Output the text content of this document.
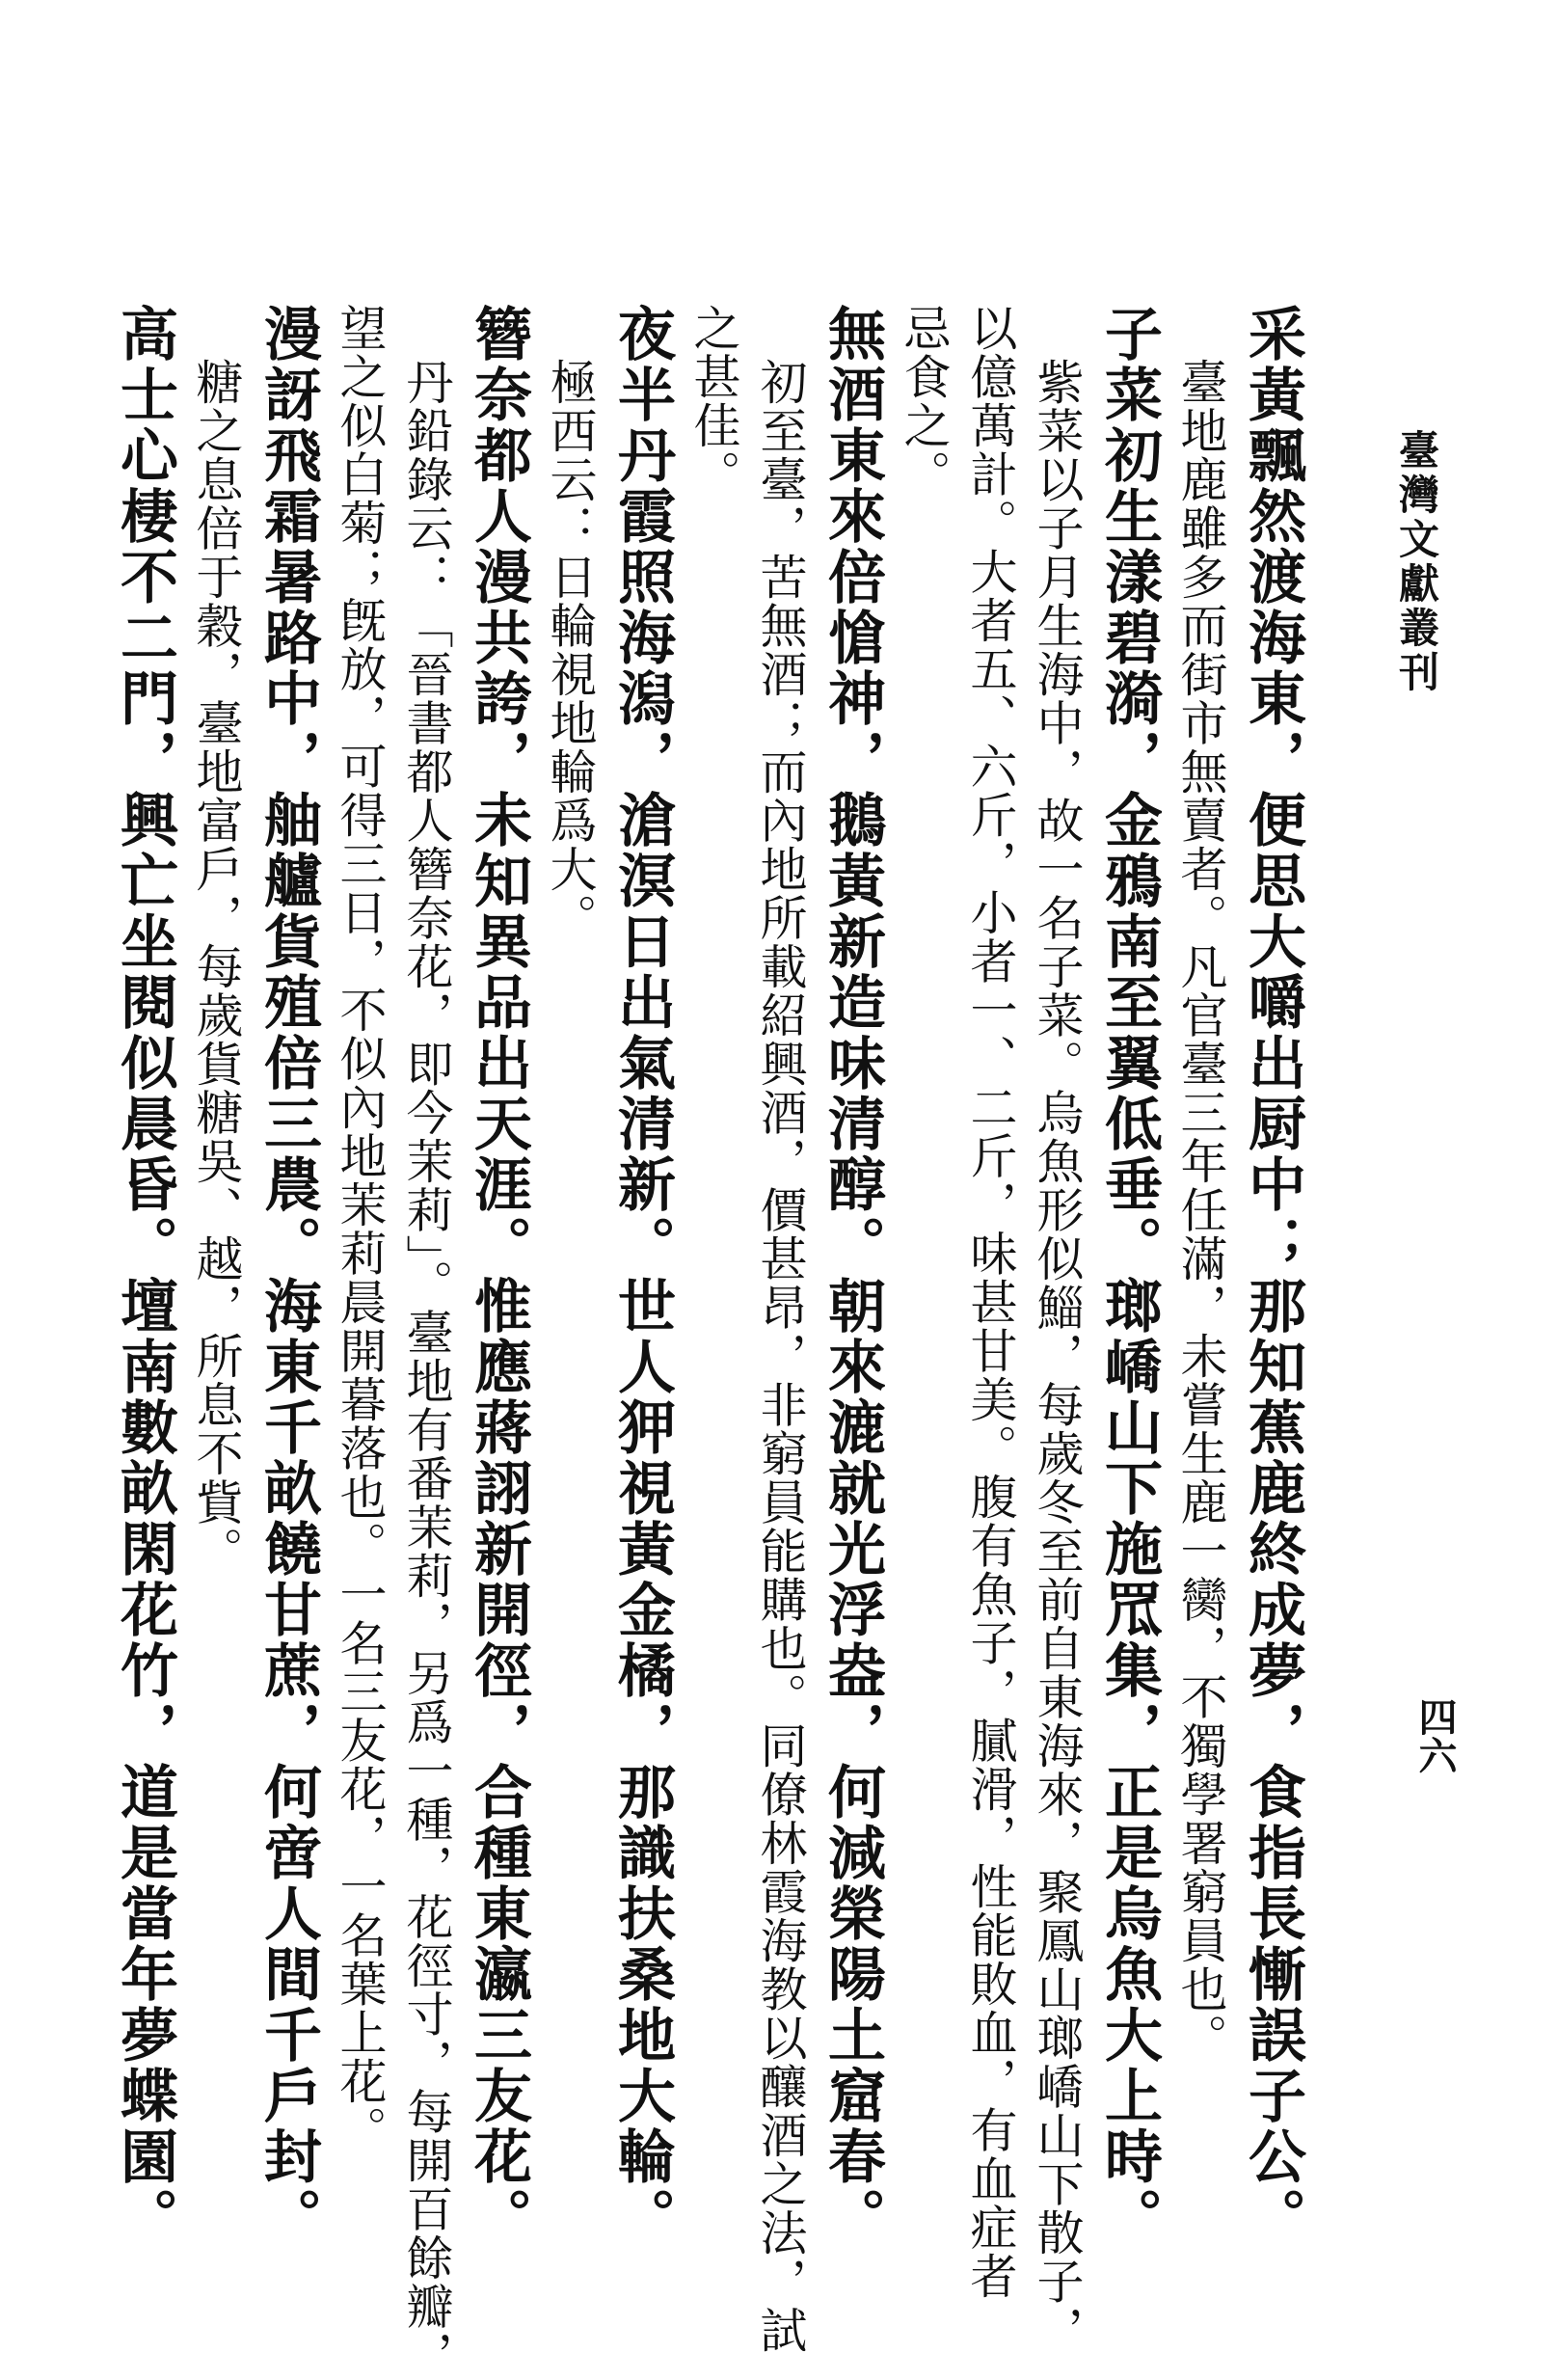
臺灣文獻叢刊
四六

采黃飄然渡海東，便思大嚼出厨中；那知蕉鹿終成夢，食指長慚誤子公。

臺地鹿雖多而街市無賣者。凡官臺三年任滿，未嘗生鹿一臠，不獨學署窮員也。

子菜初生漾碧漪，金鴉南至翼低垂。瑯嶠山下施罛集，正是烏魚大上時。

紫菜以子月生海中，故一名子菜。烏魚形似鯔，每歲冬至前自東海來，聚鳳山瑯嶠山下散子，

以億萬計。大者五、六斤，小者一、二斤，味甚甘美。腹有魚子，膩滑，性能敗血，有血症者

忌食之。

無酒東來倍愴神，鵝黃新造味清醇。朝來漉就光浮盎，何減榮陽土窟春。

初至臺，苦無酒；而內地所載紹興酒，價甚昂，非窮員能購也。同僚林霞海教以釀酒之法，試

之甚佳。

夜半丹霞照海潟，滄溟日出氣清新。世人狎視黃金橘，那識扶桑地大輪。

極西云：日輪視地輪爲大。

簪奈都人漫共誇，未知異品出天涯。惟應蔣詡新開徑，合種東瀛三友花。

丹鉛錄云：「晉書都人簪奈花，即今茉莉」。臺地有番茉莉，另爲一種，花徑寸，每開百餘瓣，

望之似白菊；旣放，可得三日，不似內地茉莉晨開暮落也。一名三友花，一名葉上花。

漫訝飛霜暑路中，舳艫貨殖倍三農。海東千畝饒甘蔗，何啻人間千戶封。

糖之息倍于穀，臺地富戶，每歲貨糖吳、越，所息不貲。

高士心棲不二門，興亡坐閱似晨昏。壇南數畝閑花竹，道是當年夢蝶園。
